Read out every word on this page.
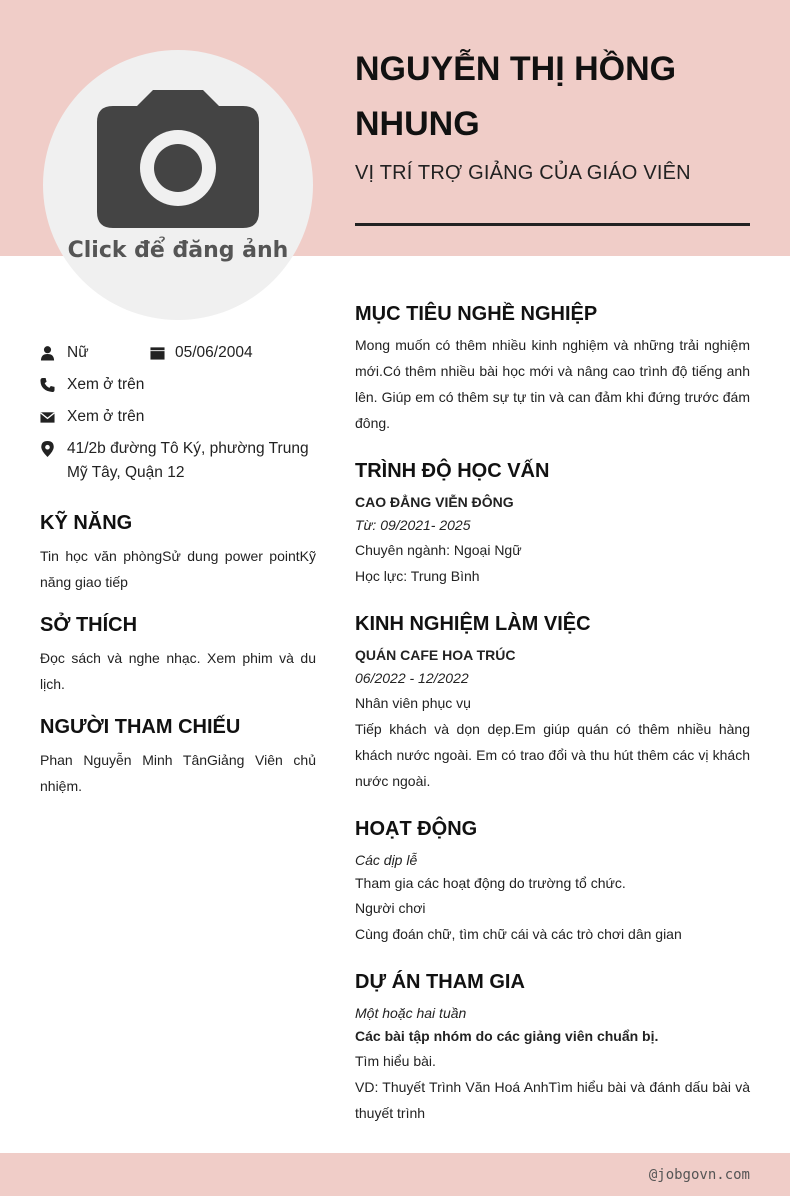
Click để đăng ảnh
NGUYỄN THỊ HỒNG NHUNG
VỊ TRÍ TRỢ GIẢNG CỦA GIÁO VIÊN
Nữ	05/06/2004
Xem ở trên
Xem ở trên
41/2b đường Tô Ký, phường Trung Mỹ Tây, Quận 12
KỸ NĂNG
Tin học văn phòngSử dung power pointKỹ năng giao tiếp
SỞ THÍCH
Đọc sách và nghe nhạc. Xem phim và du lịch.
NGƯỜI THAM CHIẾU
Phan Nguyễn Minh TânGiảng Viên chủ nhiệm.
MỤC TIÊU NGHỀ NGHIỆP
Mong muốn có thêm nhiều kinh nghiệm và những trải nghiệm mới.Có thêm nhiều bài học mới và nâng cao trình độ tiếng anh lên. Giúp em có thêm sự tự tin và can đảm khi đứng trước đám đông.
TRÌNH ĐỘ HỌC VẤN
CAO ĐẲNG VIỄN ĐÔNG
Từ: 09/2021- 2025
Chuyên ngành: Ngoại Ngữ
Học lực: Trung Bình
KINH NGHIỆM LÀM VIỆC
QUÁN CAFE HOA TRÚC
06/2022 - 12/2022
Nhân viên phục vụ
Tiếp khách và dọn dẹp.Em giúp quán có thêm nhiều hàng khách nước ngoài. Em có trao đổi và thu hút thêm các vị khách nước ngoài.
HOẠT ĐỘNG
Các dịp lễ
Tham gia các hoạt động do trường tổ chức.
Người chơi
Cùng đoán chữ, tìm chữ cái và các trò chơi dân gian
DỰ ÁN THAM GIA
Một hoặc hai tuần
Các bài tập nhóm do các giảng viên chuẩn bị.
Tìm hiểu bài.
VD: Thuyết Trình Văn Hoá AnhTìm hiểu bài và đánh dấu bài và thuyết trình
@jobgovn.com
